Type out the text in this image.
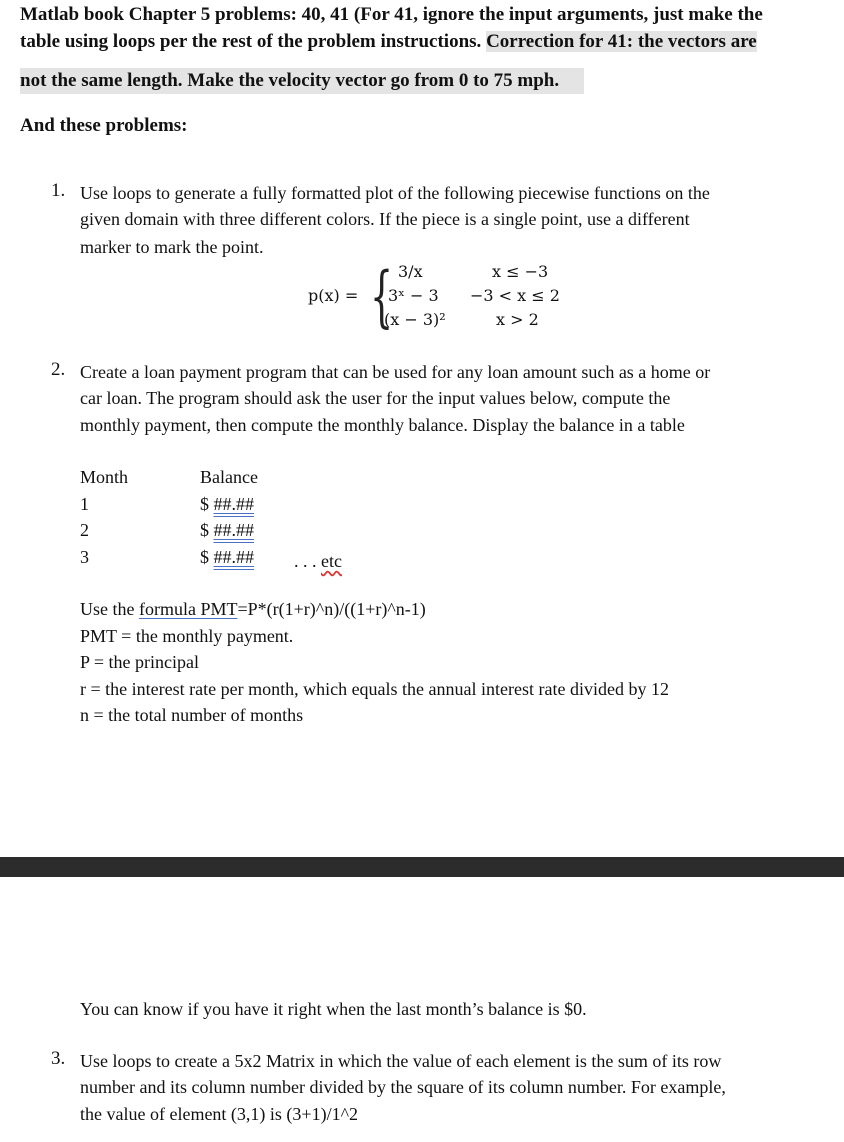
Matlab book Chapter 5 problems: 40, 41 (For 41, ignore the input arguments, just make the
table using loops per the rest of the problem instructions. Correction for 41: the vectors are
not the same length. Make the velocity vector go from 0 to 75 mph.
And these problems:
1. Use loops to generate a fully formatted plot of the following piecewise functions on the
given domain with three different colors. If the piece is a single point, use a different
marker to mark the point.
p(x) = { 3/x	x ≤ −3
3ˣ − 3 −3 < x ≤ 2
(x − 3)²	x > 2
2. Create a loan payment program that can be used for any loan amount such as a home or
car loan. The program should ask the user for the input values below, compute the
monthly payment, then compute the monthly balance. Display the balance in a table
Month	Balance
1	$ ##.##
2	$ ##.##
3	$ ##.## . . . etc
Use the formula PMT=P*(r(1+r)^n)/((1+r)^n-1)
PMT = the monthly payment.
P = the principal
r = the interest rate per month, which equals the annual interest rate divided by 12
n = the total number of months
You can know if you have it right when the last month’s balance is $0.
3. Use loops to create a 5x2 Matrix in which the value of each element is the sum of its row
number and its column number divided by the square of its column number. For example,
the value of element (3,1) is (3+1)/1^2
